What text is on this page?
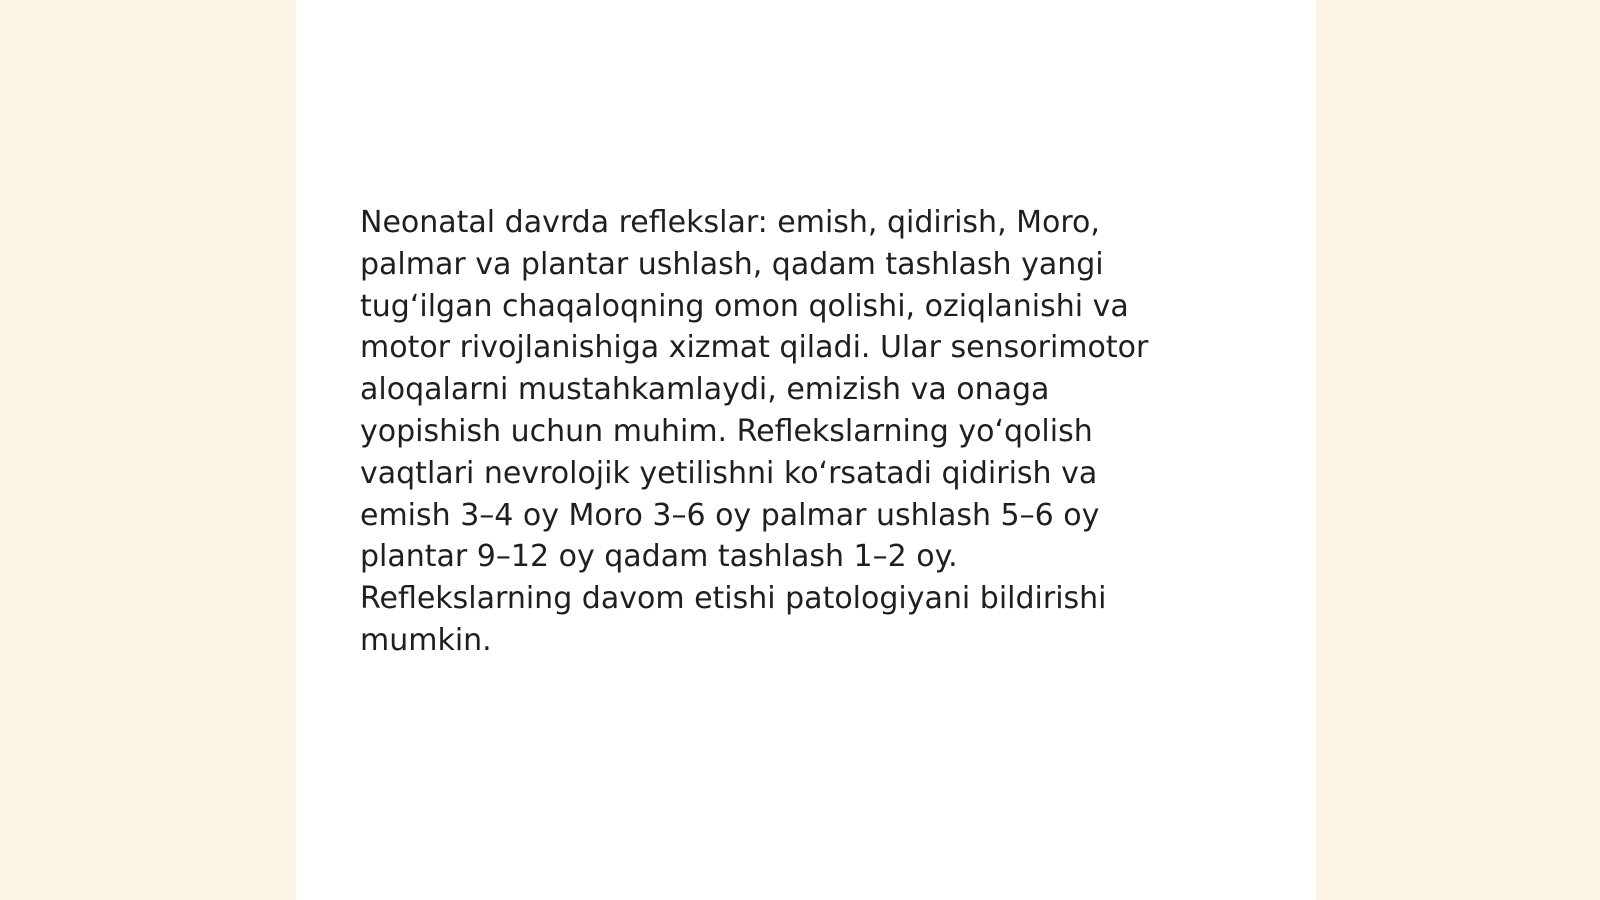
Neonatal davrda reflekslar: emish, qidirish, Moro,
palmar va plantar ushlash, qadam tashlash yangi
tug‘ilgan chaqaloqning omon qolishi, oziqlanishi va
motor rivojlanishiga xizmat qiladi. Ular sensorimotor
aloqalarni mustahkamlaydi, emizish va onaga
yopishish uchun muhim. Reflekslarning yo‘qolish
vaqtlari nevrolojik yetilishni ko‘rsatadi qidirish va
emish 3–4 oy Moro 3–6 oy palmar ushlash 5–6 oy
plantar 9–12 oy qadam tashlash 1–2 oy.
Reflekslarning davom etishi patologiyani bildirishi
mumkin.
